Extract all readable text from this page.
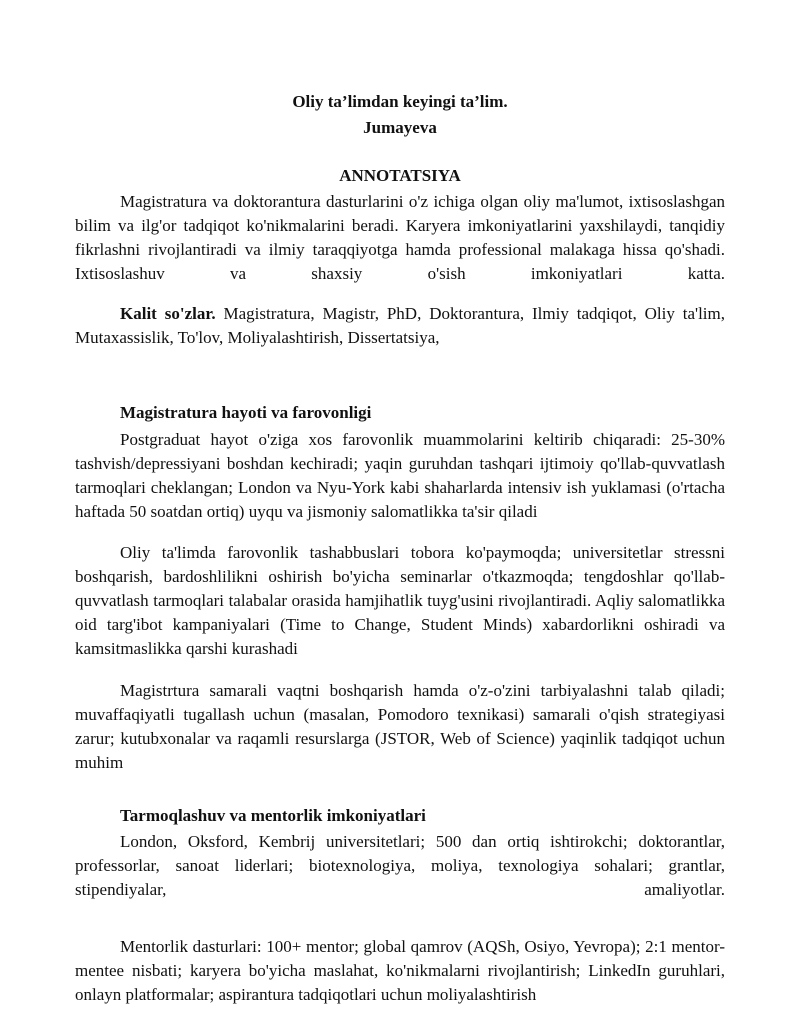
Oliy ta’limdan keyingi ta’lim.
Jumayeva
ANNOTATSIYA

Magistratura va doktorantura dasturlarini o'z ichiga olgan oliy ma'lumot, ixtisoslashgan bilim va ilg'or tadqiqot ko'nikmalarini beradi. Karyera imkoniyatlarini yaxshilaydi, tanqidiy fikrlashni rivojlantiradi va ilmiy taraqqiyotga hamda professional malakaga hissa qo'shadi. Ixtisoslashuv va shaxsiy o'sish imkoniyatlari katta.

Kalit so'zlar. Magistratura, Magistr, PhD, Doktorantura, Ilmiy tadqiqot, Oliy ta'lim, Mutaxassislik, To'lov, Moliyalashtirish, Dissertatsiya,

Magistratura hayoti va farovonligi

Postgraduat hayot o'ziga xos farovonlik muammolarini keltirib chiqaradi: 25-30% tashvish/depressiyani boshdan kechiradi; yaqin guruhdan tashqari ijtimoiy qo'llab-quvvatlash tarmoqlari cheklangan; London va Nyu-York kabi shaharlarda intensiv ish yuklamasi (o'rtacha haftada 50 soatdan ortiq) uyqu va jismoniy salomatlikka ta'sir qiladi

Oliy ta'limda farovonlik tashabbuslari tobora ko'paymoqda; universitetlar stressni boshqarish, bardoshlilikni oshirish bo'yicha seminarlar o'tkazmoqda; tengdoshlar qo'llab-quvvatlash tarmoqlari talabalar orasida hamjihatlik tuyg'usini rivojlantiradi. Aqliy salomatlikka oid targ'ibot kampaniyalari (Time to Change, Student Minds) xabardorlikni oshiradi va kamsitmaslikka qarshi kurashadi

Magistrtura samarali vaqtni boshqarish hamda o'z-o'zini tarbiyalashni talab qiladi; muvaffaqiyatli tugallash uchun (masalan, Pomodoro texnikasi) samarali o'qish strategiyasi zarur; kutubxonalar va raqamli resurslarga (JSTOR, Web of Science) yaqinlik tadqiqot uchun muhim

Tarmoqlashuv va mentorlik imkoniyatlari

London, Oksford, Kembrij universitetlari; 500 dan ortiq ishtirokchi; doktorantlar, professorlar, sanoat liderlari; biotexnologiya, moliya, texnologiya sohalari; grantlar, stipendiyalar, amaliyotlar.

Mentorlik dasturlari: 100+ mentor; global qamrov (AQSh, Osiyo, Yevropa); 2:1 mentor-mentee nisbati; karyera bo'yicha maslahat, ko'nikmalarni rivojlantirish; LinkedIn guruhlari, onlayn platformalar; aspirantura tadqiqotlari uchun moliyalashtirish
